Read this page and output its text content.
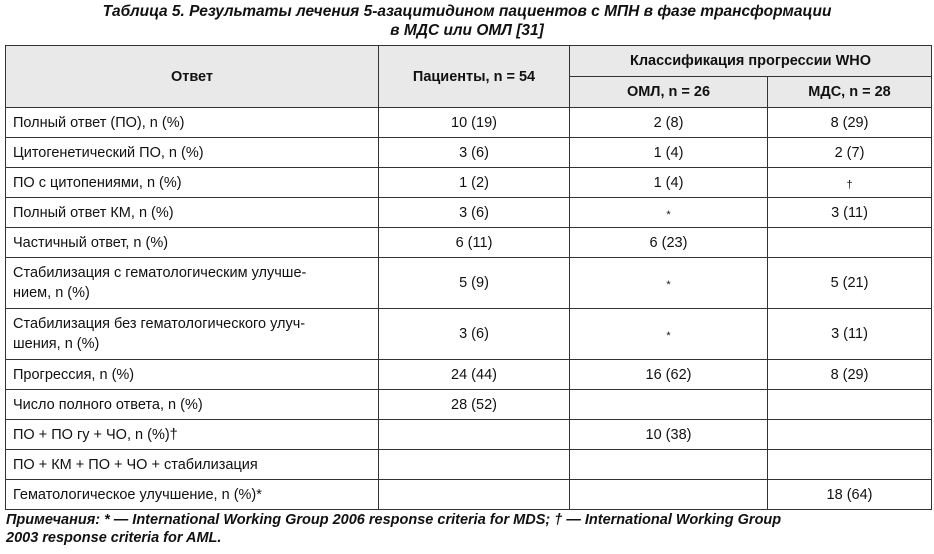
Таблица 5. Результаты лечения 5-азацитидином пациентов с МПН в фазе трансформации
в МДС или ОМЛ [31]
Ответ	Пациенты, n = 54	Классификация прогрессии WHO	
		ОМЛ, n = 26	МДС, n = 28
Полный ответ (ПО), n (%)	10 (19)	2 (8)	8 (29)
Цитогенетический ПО, n (%)	3 (6)	1 (4)	2 (7)
ПО с цитопениями, n (%)	1 (2)	1 (4)	†
Полный ответ КМ, n (%)	3 (6)	*	3 (11)
Частичный ответ, n (%)	6 (11)	6 (23)	

Стабилизация с гематологическим улучше-
нием, n (%)	5 (9)	*	5 (21)

Стабилизация без гематологического улуч-
шения, n (%)	3 (6)	*	3 (11)
Прогрессия, n (%)	24 (44)	16 (62)	8 (29)
Число полного ответа, n (%)	28 (52)		
ПО + ПО гу + ЧО, n (%)†		10 (38)	
ПО + КМ + ПО + ЧО + стабилизация			
Гематологическое улучшение, n (%)*			18 (64)
Примечания: * — International Working Group 2006 response criteria for MDS; † — International Working Group
2003 response criteria for AML.
